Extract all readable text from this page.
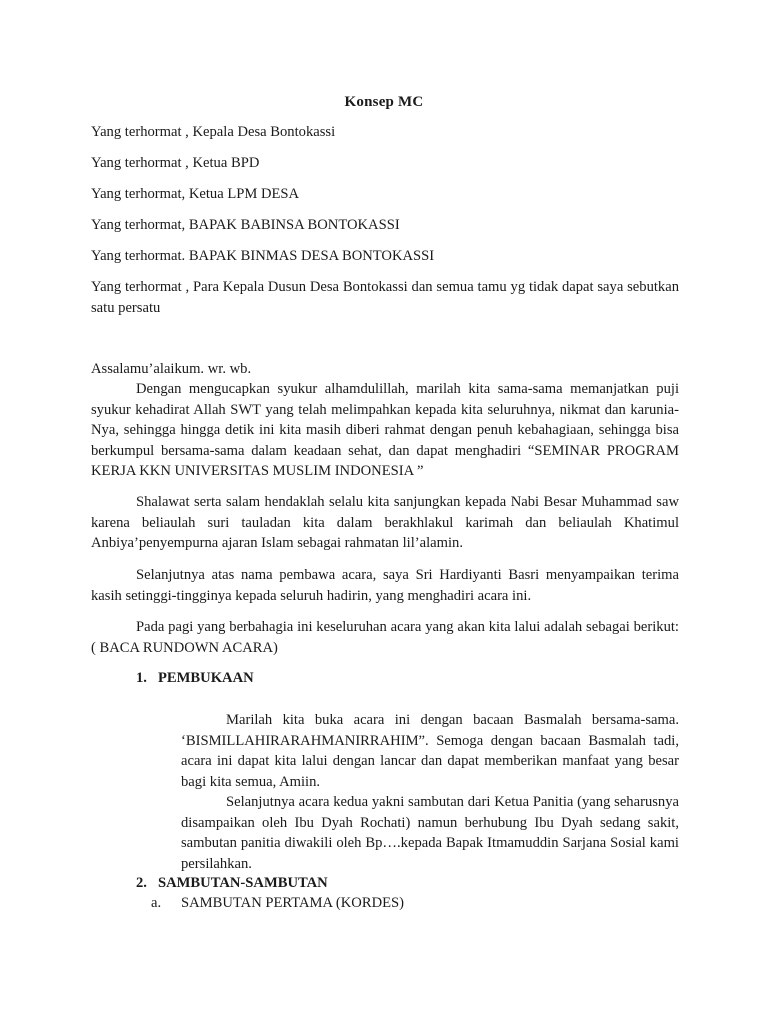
Konsep MC
Yang terhormat , Kepala Desa Bontokassi
Yang terhormat , Ketua BPD
Yang terhormat, Ketua LPM DESA
Yang terhormat, BAPAK BABINSA BONTOKASSI
Yang terhormat. BAPAK BINMAS DESA BONTOKASSI
Yang terhormat , Para Kepala Dusun Desa Bontokassi dan semua tamu yg tidak dapat saya sebutkan satu persatu
Assalamu’alaikum. wr. wb.
Dengan mengucapkan syukur alhamdulillah, marilah kita sama-sama memanjatkan puji syukur kehadirat Allah SWT yang telah melimpahkan kepada kita seluruhnya, nikmat dan karunia-Nya, sehingga hingga detik ini kita masih diberi rahmat dengan penuh kebahagiaan, sehingga bisa berkumpul bersama-sama dalam keadaan sehat, dan dapat menghadiri “SEMINAR PROGRAM KERJA KKN UNIVERSITAS MUSLIM INDONESIA ”
Shalawat serta salam hendaklah selalu kita sanjungkan kepada Nabi Besar Muhammad saw karena beliaulah suri tauladan kita dalam berakhlakul karimah dan beliaulah Khatimul Anbiya’penyempurna ajaran Islam sebagai rahmatan lil’alamin.
Selanjutnya atas nama pembawa acara, saya Sri Hardiyanti Basri menyampaikan terima kasih setinggi-tingginya kepada seluruh hadirin, yang menghadiri acara ini.
Pada pagi yang berbahagia ini keseluruhan acara yang akan kita lalui adalah sebagai berikut: ( BACA RUNDOWN ACARA)
1. PEMBUKAAN
Marilah kita buka acara ini dengan bacaan Basmalah bersama-sama. ‘BISMILLAHIRARAHMANIRRAHIM”. Semoga dengan bacaan Basmalah tadi, acara ini dapat kita lalui dengan lancar dan dapat memberikan manfaat yang besar bagi kita semua, Amiin.
Selanjutnya acara kedua yakni sambutan dari Ketua Panitia (yang seharusnya disampaikan oleh Ibu Dyah Rochati) namun berhubung Ibu Dyah sedang sakit, sambutan panitia diwakili oleh Bp….kepada Bapak Itmamuddin Sarjana Sosial kami persilahkan.
2. SAMBUTAN-SAMBUTAN
a. SAMBUTAN PERTAMA (KORDES)
